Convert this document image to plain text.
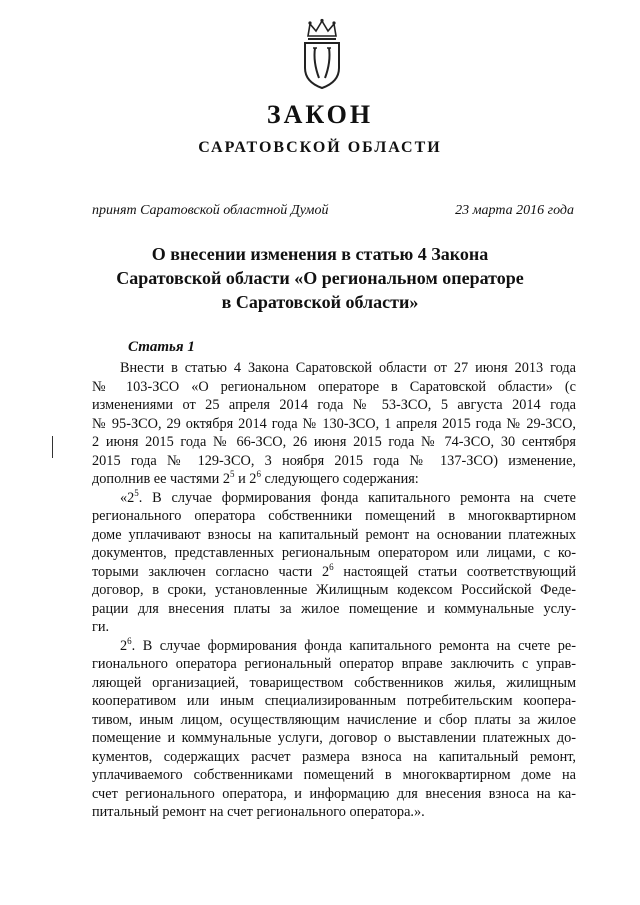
ЗАКОН
САРАТОВСКОЙ ОБЛАСТИ
принят Саратовской областной Думой	23 марта 2016 года
О внесении изменения в статью 4 Закона
Саратовской области «О региональном операторе
в Саратовской области»
Статья 1
Внести в статью 4 Закона Саратовской области от 27 июня 2013 года
№ 103-ЗСО «О региональном операторе в Саратовской области» (с
изменениями от 25 апреля 2014 года № 53-ЗСО, 5 августа 2014 года
№ 95-ЗСО, 29 октября 2014 года № 130-ЗСО, 1 апреля 2015 года № 29-ЗСО,
2 июня 2015 года № 66-ЗСО, 26 июня 2015 года № 74-ЗСО, 30 сентября
2015 года № 129-ЗСО, 3 ноября 2015 года № 137-ЗСО) изменение,
дополнив ее частями $2^5$ и $2^6$ следующего содержания:
«$2^5$. В случае формирования фонда капитального ремонта на счете
регионального оператора собственники помещений в многоквартирном
доме уплачивают взносы на капитальный ремонт на основании платежных
документов, представленных региональным оператором или лицами, с ко-
торыми заключен согласно части $2^6$ настоящей статьи соответствующий
договор, в сроки, установленные Жилищным кодексом Российской Феде-
рации для внесения платы за жилое помещение и коммунальные услу-
ги.
$2^6$. В случае формирования фонда капитального ремонта на счете ре-
гионального оператора региональный оператор вправе заключить с управ-
ляющей организацией, товариществом собственников жилья, жилищным
кооперативом или иным специализированным потребительским коопера-
тивом, иным лицом, осуществляющим начисление и сбор платы за жилое
помещение и коммунальные услуги, договор о выставлении платежных до-
кументов, содержащих расчет размера взноса на капитальный ремонт,
уплачиваемого собственниками помещений в многоквартирном доме на
счет регионального оператора, и информацию для внесения взноса на ка-
питальный ремонт на счет регионального оператора.».
